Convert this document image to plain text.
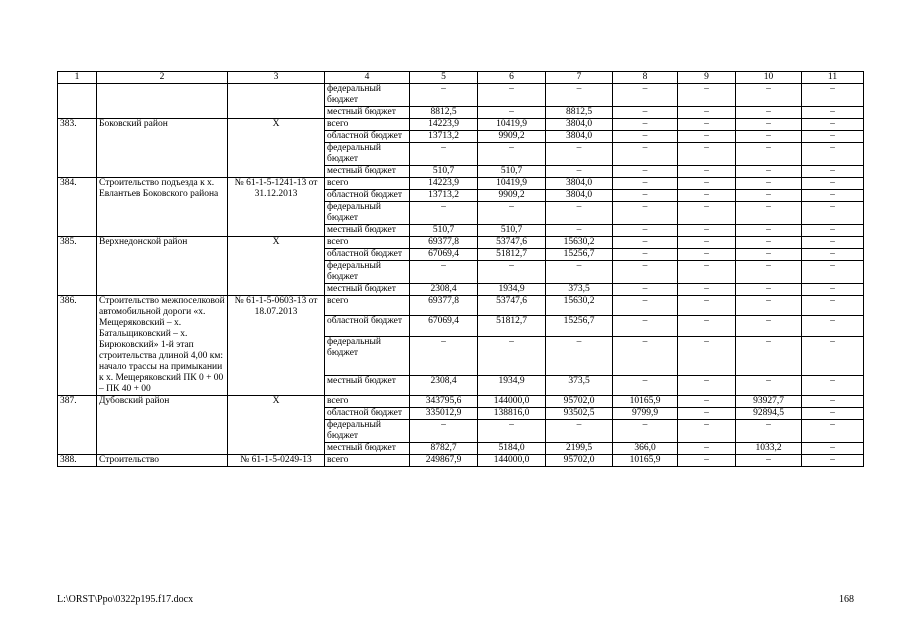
1	2	3	4	5	6	7	8	9	10	11
			федеральный бюджет	–	–	–	–	–	–	–
			местный бюджет	8812,5	–	8812,5	–	–	–	–
383.	Боковский район	Х	всего	14223,9	10419,9	3804,0	–	–	–	–
			областной бюджет	13713,2	9909,2	3804,0	–	–	–	–
			федеральный бюджет	–	–	–	–	–	–	–
			местный бюджет	510,7	510,7	–	–	–	–	–
384.	Строительство подъезда к х. Евлантьев Боковского района	№ 61-1-5-1241-13 от 31.12.2013	всего	14223,9	10419,9	3804,0	–	–	–	–
			областной бюджет	13713,2	9909,2	3804,0	–	–	–	–
			федеральный бюджет	–	–	–	–	–	–	–
			местный бюджет	510,7	510,7	–	–	–	–	–
385.	Верхнедонской район	Х	всего	69377,8	53747,6	15630,2	–	–	–	–
			областной бюджет	67069,4	51812,7	15256,7	–	–	–	–
			федеральный бюджет	–	–	–	–	–	–	–
			местный бюджет	2308,4	1934,9	373,5	–	–	–	–
386.	Строительство межпоселковой автомобильной дороги «х. Мещеряковский – х. Батальщиковский – х. Бирюковский» 1-й этап строительства длиной 4,00 км: начало трассы на примыкании к х. Мещеряковский ПК 0 + 00 – ПК 40 + 00	№ 61-1-5-0603-13 от 18.07.2013	всего	69377,8	53747,6	15630,2	–	–	–	–
			областной бюджет	67069,4	51812,7	15256,7	–	–	–	–
			федеральный бюджет	–	–	–	–	–	–	–
			местный бюджет	2308,4	1934,9	373,5	–	–	–	–
387.	Дубовский район	Х	всего	343795,6	144000,0	95702,0	10165,9	–	93927,7	–
			областной бюджет	335012,9	138816,0	93502,5	9799,9	–	92894,5	–
			федеральный бюджет	–	–	–	–	–	–	–
			местный бюджет	8782,7	5184,0	2199,5	366,0	–	1033,2	–
388.	Строительство	№ 61-1-5-0249-13	всего	249867,9	144000,0	95702,0	10165,9	–	–	–
L:\ORST\Ppo\0322p195.f17.docx	168
